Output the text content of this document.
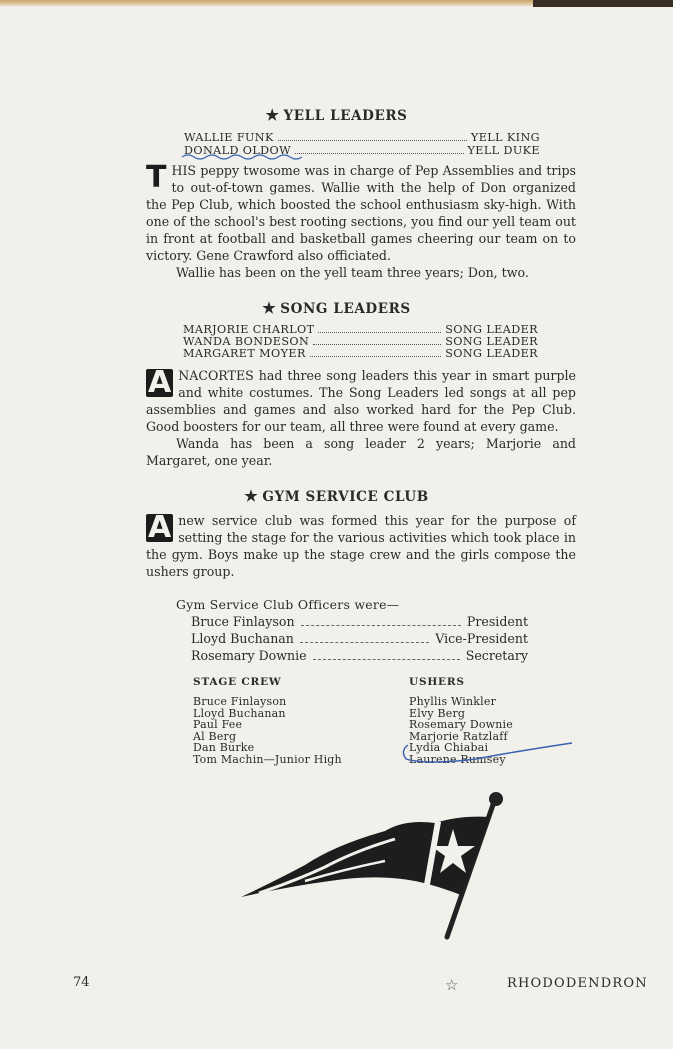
★ YELL LEADERS
WALLIE FUNK	YELL KING
DONALD OLDOW	YELL DUKE

THIS peppy twosome was in charge of Pep Assemblies and trips to out-of-town games. Wallie with the help of Don organized the Pep Club, which boosted the school enthusiasm sky-high. With one of the school's best rooting sections, you find our yell team out in front at football and basketball games cheering our team on to victory. Gene Crawford also officiated.
Wallie has been on the yell team three years; Don, two.

★ SONG LEADERS
MARJORIE CHARLOT	SONG LEADER
WANDA BONDESON	SONG LEADER
MARGARET MOYER	SONG LEADER

A NACORTES had three song leaders this year in smart purple and white costumes. The Song Leaders led songs at all pep assemblies and games and also worked hard for the Pep Club. Good boosters for our team, all three were found at every game.
Wanda has been a song leader 2 years; Marjorie and Margaret, one year.

★ GYM SERVICE CLUB

A new service club was formed this year for the purpose of setting the stage for the various activities which took place in the gym. Boys make up the stage crew and the girls compose the ushers group.

Gym Service Club Officers were—
Bruce Finlayson	President
Lloyd Buchanan	Vice-President
Rosemary Downie	Secretary
STAGE CREW
Bruce Finlayson
Lloyd Buchanan
Paul Fee
Al Berg
Dan Burke
Tom Machin—Junior High
USHERS
Phyllis Winkler
Elvy Berg
Rosemary Downie
Marjorie Ratzlaff
Lydia Chiabai
Laurene Rumsey
74	☆	RHODODENDRON
